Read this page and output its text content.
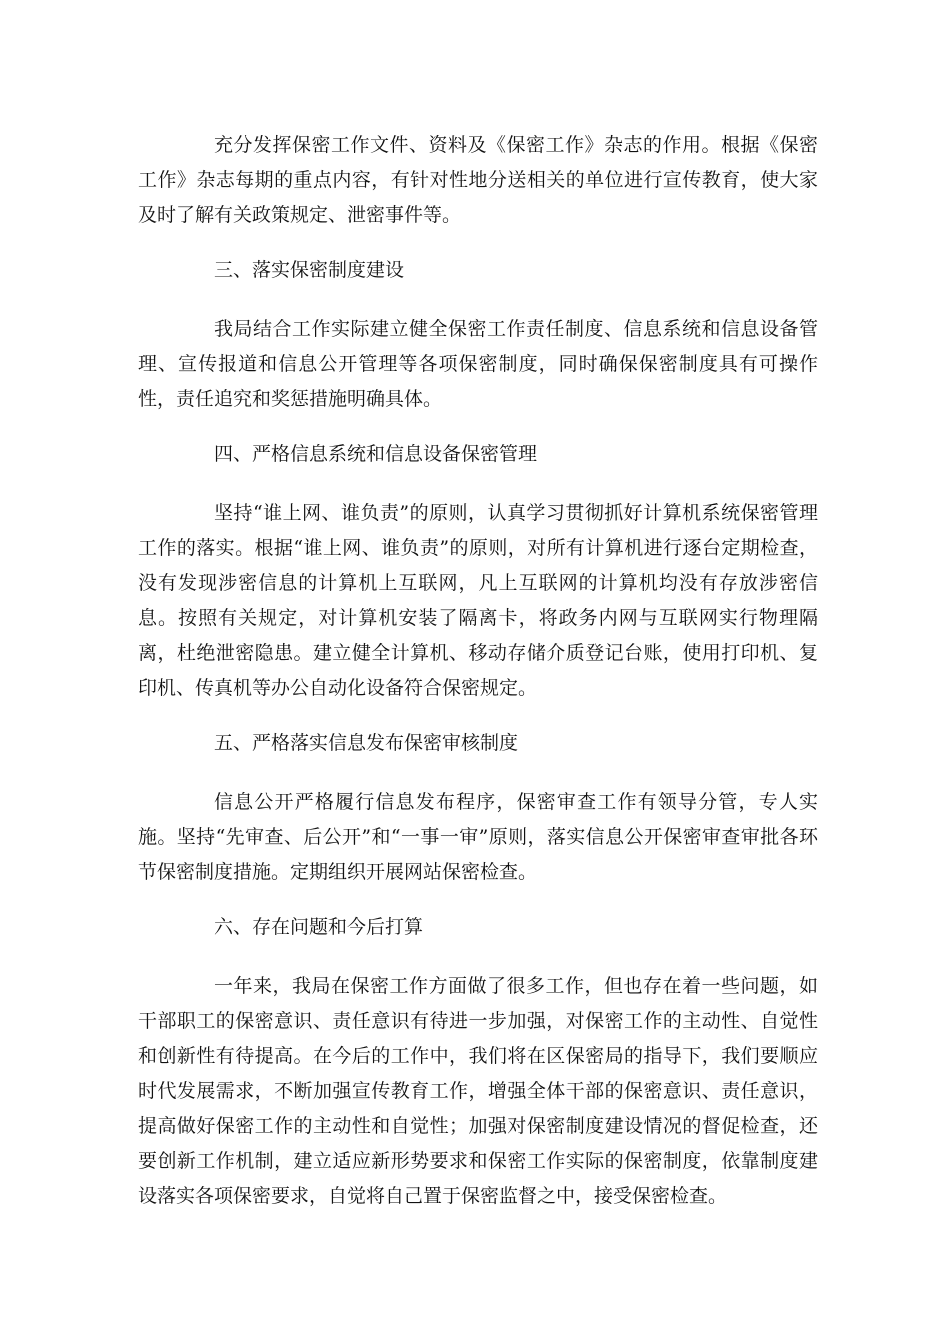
充分发挥保密工作文件、资料及《保密工作》杂志的作用。根据《保密工作》杂志每期的重点内容，有针对性地分送相关的单位进行宣传教育，使大家及时了解有关政策规定、泄密事件等。

三、落实保密制度建设

我局结合工作实际建立健全保密工作责任制度、信息系统和信息设备管理、宣传报道和信息公开管理等各项保密制度，同时确保保密制度具有可操作性，责任追究和奖惩措施明确具体。

四、严格信息系统和信息设备保密管理

坚持“谁上网、谁负责”的原则，认真学习贯彻抓好计算机系统保密管理工作的落实。根据“谁上网、谁负责”的原则，对所有计算机进行逐台定期检查，没有发现涉密信息的计算机上互联网，凡上互联网的计算机均没有存放涉密信息。按照有关规定，对计算机安装了隔离卡，将政务内网与互联网实行物理隔离，杜绝泄密隐患。建立健全计算机、移动存储介质登记台账，使用打印机、复印机、传真机等办公自动化设备符合保密规定。

五、严格落实信息发布保密审核制度

信息公开严格履行信息发布程序，保密审查工作有领导分管，专人实施。坚持“先审查、后公开”和“一事一审”原则，落实信息公开保密审查审批各环节保密制度措施。定期组织开展网站保密检查。

六、存在问题和今后打算

一年来，我局在保密工作方面做了很多工作，但也存在着一些问题，如干部职工的保密意识、责任意识有待进一步加强，对保密工作的主动性、自觉性和创新性有待提高。在今后的工作中，我们将在区保密局的指导下，我们要顺应时代发展需求，不断加强宣传教育工作，增强全体干部的保密意识、责任意识，提高做好保密工作的主动性和自觉性；加强对保密制度建设情况的督促检查，还要创新工作机制，建立适应新形势要求和保密工作实际的保密制度，依靠制度建设落实各项保密要求，自觉将自己置于保密监督之中，接受保密检查。
